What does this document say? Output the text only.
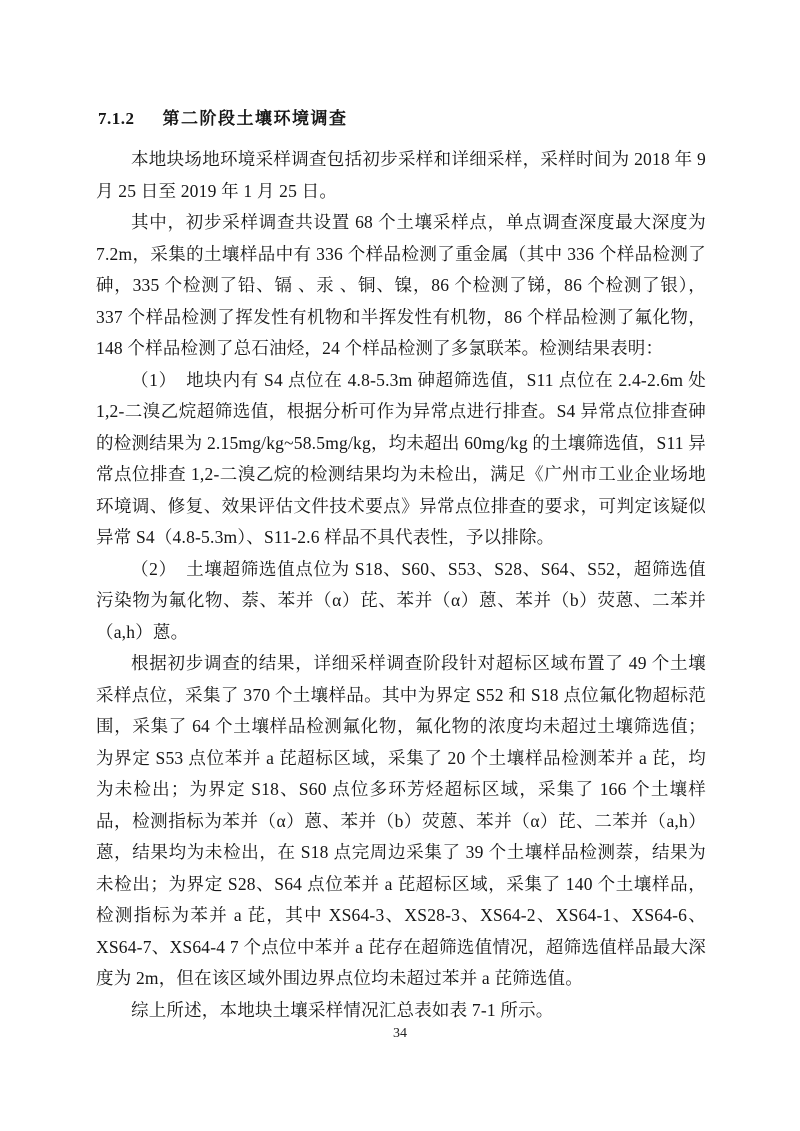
7.1.2 第二阶段土壤环境调查

本地块场地环境采样调查包括初步采样和详细采样，采样时间为 2018 年 9 月 25 日至 2019 年 1 月 25 日。

其中，初步采样调查共设置 68 个土壤采样点，单点调查深度最大深度为 7.2m，采集的土壤样品中有 336 个样品检测了重金属（其中 336 个样品检测了砷，335 个检测了铅、镉 、汞 、铜、镍，86 个检测了锑，86 个检测了银），337 个样品检测了挥发性有机物和半挥发性有机物，86 个样品检测了氟化物，148 个样品检测了总石油烃，24 个样品检测了多氯联苯。检测结果表明：

（1）　地块内有 S4 点位在 4.8-5.3m 砷超筛选值，S11 点位在 2.4-2.6m 处 1,2-二溴乙烷超筛选值，根据分析可作为异常点进行排查。S4 异常点位排查砷的检测结果为 2.15mg/kg~58.5mg/kg，均未超出 60mg/kg 的土壤筛选值，S11 异常点位排查 1,2-二溴乙烷的检测结果均为未检出，满足《广州市工业企业场地环境调、修复、效果评估文件技术要点》异常点位排查的要求，可判定该疑似异常 S4（4.8-5.3m）、S11-2.6 样品不具代表性，予以排除。

（2）　土壤超筛选值点位为 S18、S60、S53、S28、S64、S52，超筛选值污染物为氟化物、萘、苯并（α）芘、苯并（α）蒽、苯并（b）荧蒽、二苯并（a,h）蒽。

根据初步调查的结果，详细采样调查阶段针对超标区域布置了 49 个土壤采样点位，采集了 370 个土壤样品。其中为界定 S52 和 S18 点位氟化物超标范围，采集了 64 个土壤样品检测氟化物，氟化物的浓度均未超过土壤筛选值；为界定 S53 点位苯并 a 芘超标区域，采集了 20 个土壤样品检测苯并 a 芘，均为未检出；为界定 S18、S60 点位多环芳烃超标区域，采集了 166 个土壤样品，检测指标为苯并（α）蒽、苯并（b）荧蒽、苯并（α）芘、二苯并（a,h）蒽，结果均为未检出，在 S18 点完周边采集了 39 个土壤样品检测萘，结果为未检出；为界定 S28、S64 点位苯并 a 芘超标区域，采集了 140 个土壤样品，检测指标为苯并 a 芘，其中 XS64-3、XS28-3、XS64-2、XS64-1、XS64-6、XS64-7、XS64-4 7 个点位中苯并 a 芘存在超筛选值情况，超筛选值样品最大深度为 2m，但在该区域外围边界点位均未超过苯并 a 芘筛选值。

综上所述，本地块土壤采样情况汇总表如表 7-1 所示。

34
